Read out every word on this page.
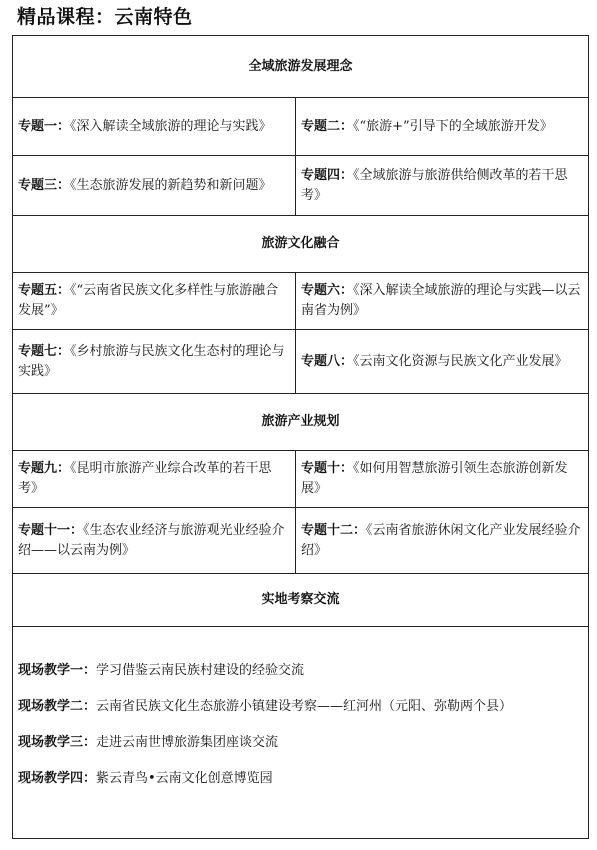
精品课程：云南特色
全域旅游发展理念	
专题一：《深入解读全域旅游的理论与实践》	专题二：《“旅游+”引导下的全域旅游开发》
专题三：《生态旅游发展的新趋势和新问题》	专题四：《全域旅游与旅游供给侧改革的若干思考》
旅游文化融合	
专题五：《“云南省民族文化多样性与旅游融合发展”》	专题六：《深入解读全域旅游的理论与实践—以云南省为例》
专题七：《乡村旅游与民族文化生态村的理论与实践》	专题八：《云南文化资源与民族文化产业发展》
旅游产业规划	
专题九：《昆明市旅游产业综合改革的若干思考》	专题十：《如何用智慧旅游引领生态旅游创新发展》
专题十一：《生态农业经济与旅游观光业经验介绍——以云南为例》	专题十二：《云南省旅游休闲文化产业发展经验介绍》
实地考察交流	

现场教学一：学习借鉴云南民族村建设的经验交流
现场教学二：云南省民族文化生态旅游小镇建设考察——红河州（元阳、弥勒两个县）
现场教学三：走进云南世博旅游集团座谈交流
现场教学四：紫云青鸟•云南文化创意博览园	
